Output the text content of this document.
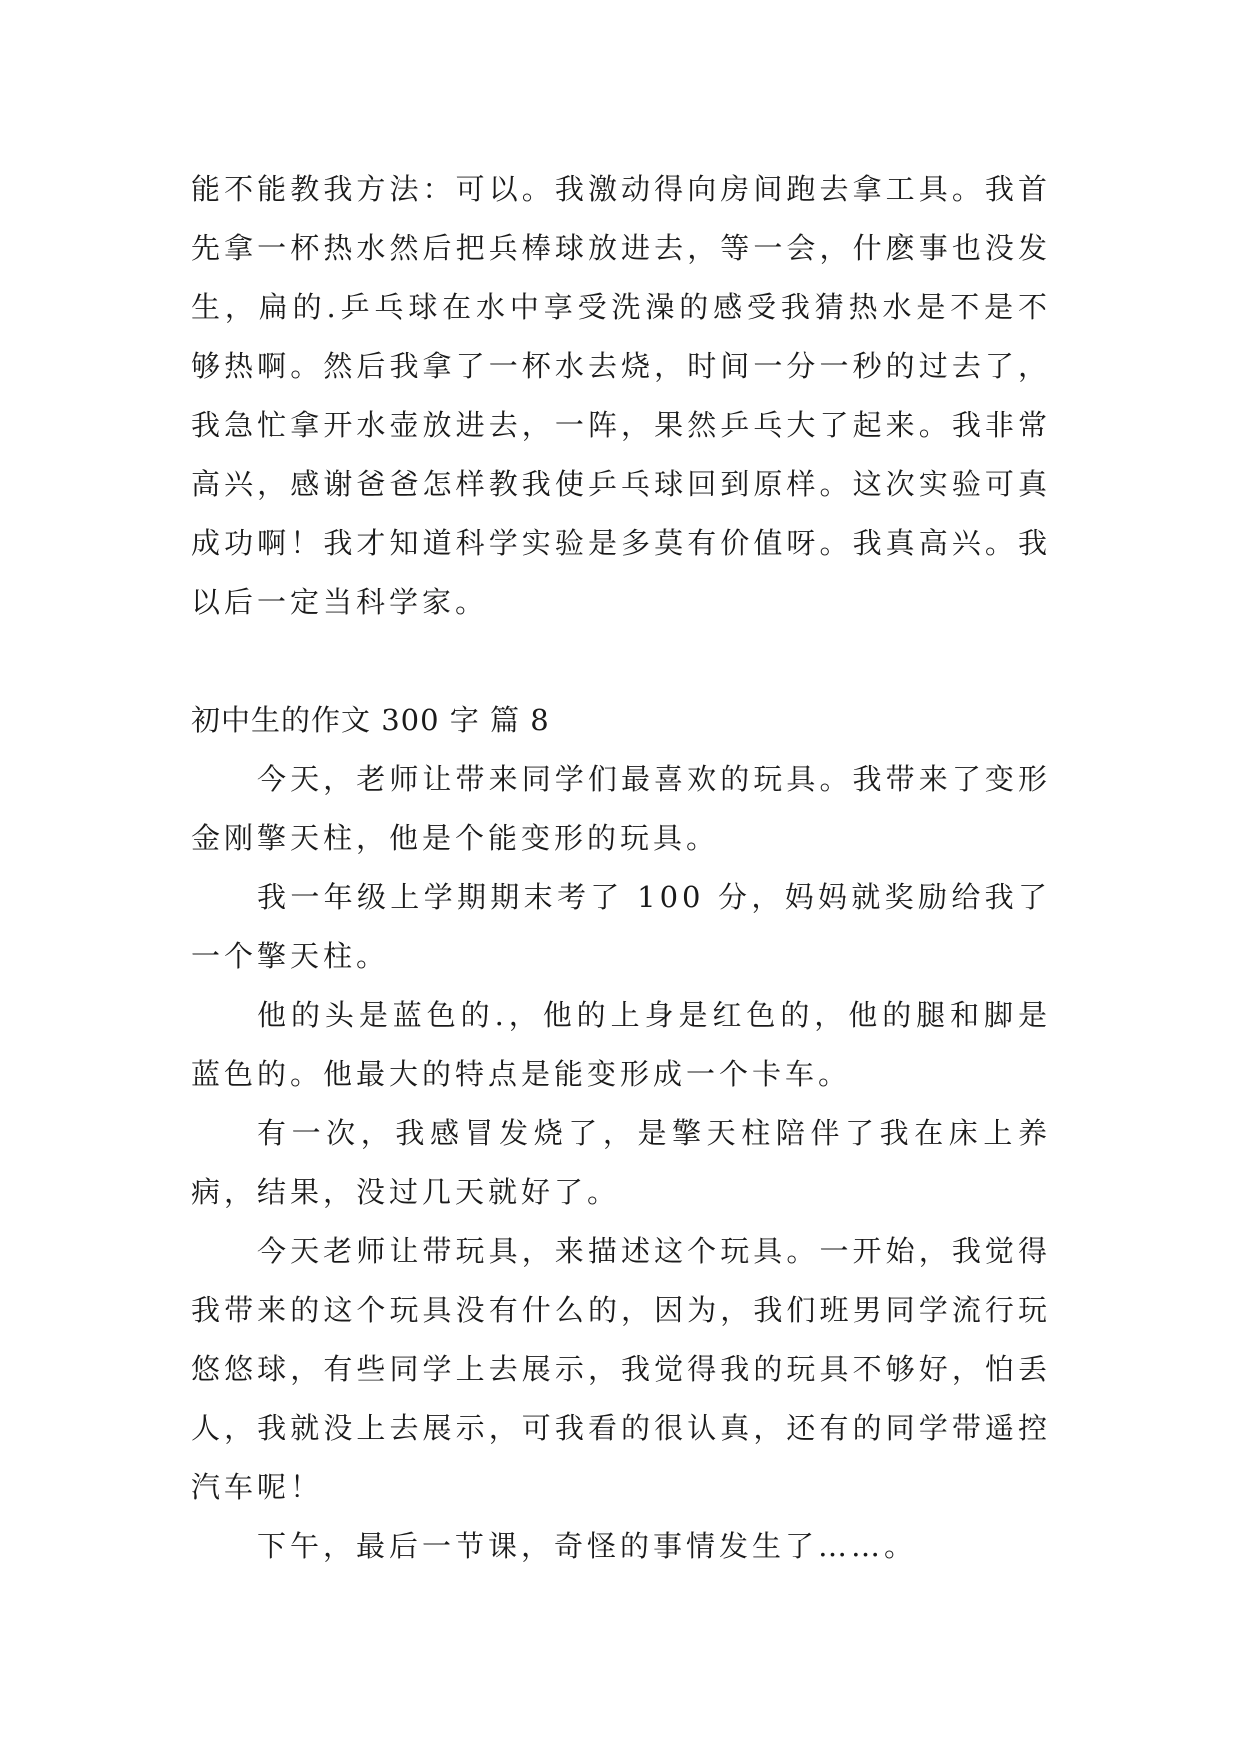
能不能教我方法：可以。我激动得向房间跑去拿工具。我首先拿一杯热水然后把兵棒球放进去，等一会，什麽事也没发生，扁的.乒乓球在水中享受洗澡的感受我猜热水是不是不够热啊。然后我拿了一杯水去烧，时间一分一秒的过去了，我急忙拿开水壶放进去，一阵，果然乒乓大了起来。我非常高兴，感谢爸爸怎样教我使乒乓球回到原样。这次实验可真成功啊！我才知道科学实验是多莫有价值呀。我真高兴。我以后一定当科学家。

初中生的作文 300 字 篇 8

今天，老师让带来同学们最喜欢的玩具。我带来了变形金刚擎天柱，他是个能变形的玩具。

我一年级上学期期末考了 100 分，妈妈就奖励给我了一个擎天柱。

他的头是蓝色的.，他的上身是红色的，他的腿和脚是蓝色的。他最大的特点是能变形成一个卡车。

有一次，我感冒发烧了，是擎天柱陪伴了我在床上养病，结果，没过几天就好了。

今天老师让带玩具，来描述这个玩具。一开始，我觉得我带来的这个玩具没有什么的，因为，我们班男同学流行玩悠悠球，有些同学上去展示，我觉得我的玩具不够好，怕丢人，我就没上去展示，可我看的很认真，还有的同学带遥控汽车呢！

下午，最后一节课，奇怪的事情发生了……。
